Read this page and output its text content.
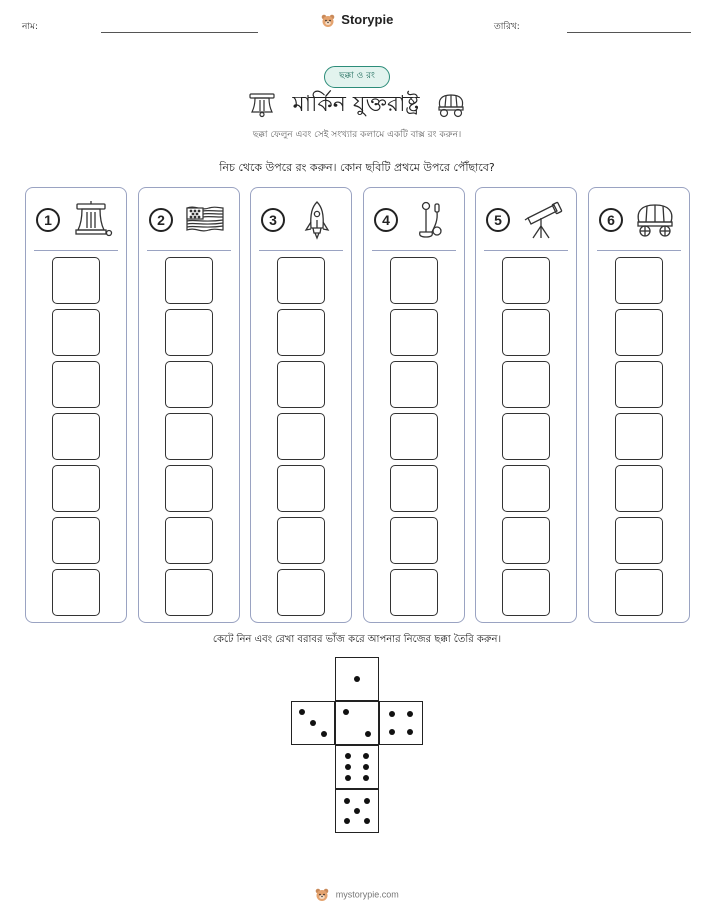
নাম:	Storypie	তারিখ:
ছক্কা ও রং
মার্কিন যুক্তরাষ্ট্র
ছক্কা ফেলুন এবং সেই সংখ্যার কলামে একটি বাক্স রং করুন।
নিচ থেকে উপরে রং করুন। কোন ছবিটি প্রথমে উপরে পৌঁছাবে?
1	2	3	4	5	6
কেটে নিন এবং রেখা বরাবর ভাঁজ করে আপনার নিজের ছক্কা তৈরি করুন।
mystorypie.com
